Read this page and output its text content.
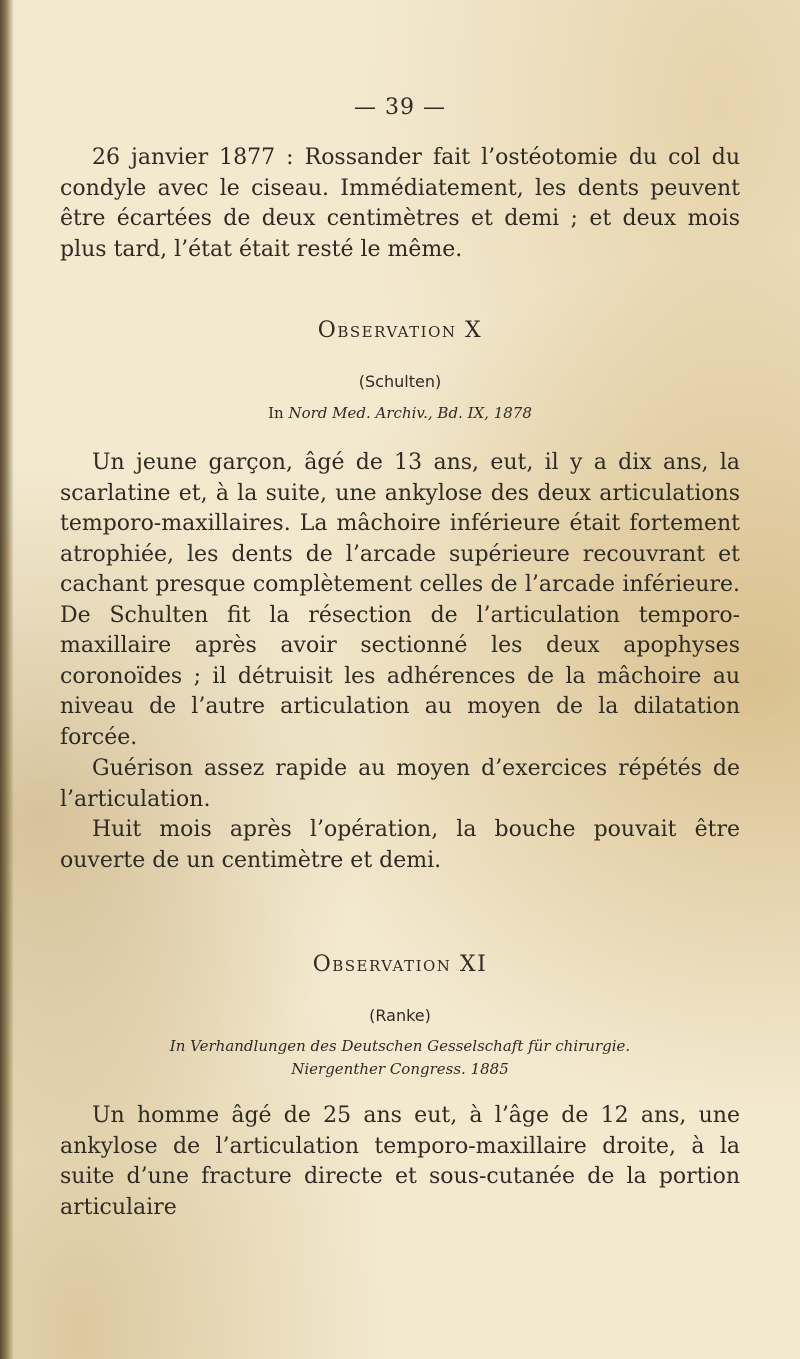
— 39 —

26 janvier 1877 : Rossander fait l’ostéotomie du col du condyle avec le ciseau. Immédiatement, les dents peuvent être écartées de deux centimètres et demi ; et deux mois plus tard, l’état était resté le même.

Observation X
(Schulten)
In Nord Med. Archiv., Bd. IX, 1878

Un jeune garçon, âgé de 13 ans, eut, il y a dix ans, la scarlatine et, à la suite, une ankylose des deux articulations temporo-maxillaires. La mâchoire inférieure était fortement atrophiée, les dents de l’arcade supérieure recouvrant et cachant presque complètement celles de l’arcade inférieure. De Schulten fit la résection de l’articulation temporo-maxillaire après avoir sectionné les deux apophyses coronoïdes ; il détruisit les adhérences de la mâchoire au niveau de l’autre articulation au moyen de la dilatation forcée.

Guérison assez rapide au moyen d’exercices répétés de l’articulation.

Huit mois après l’opération, la bouche pouvait être ouverte de un centimètre et demi.

Observation XI
(Ranke)
In Verhandlungen des Deutschen Gesselschaft für chirurgie.
Niergenther Congress. 1885

Un homme âgé de 25 ans eut, à l’âge de 12 ans, une ankylose de l’articulation temporo-maxillaire droite, à la suite d’une fracture directe et sous-cutanée de la portion articulaire
